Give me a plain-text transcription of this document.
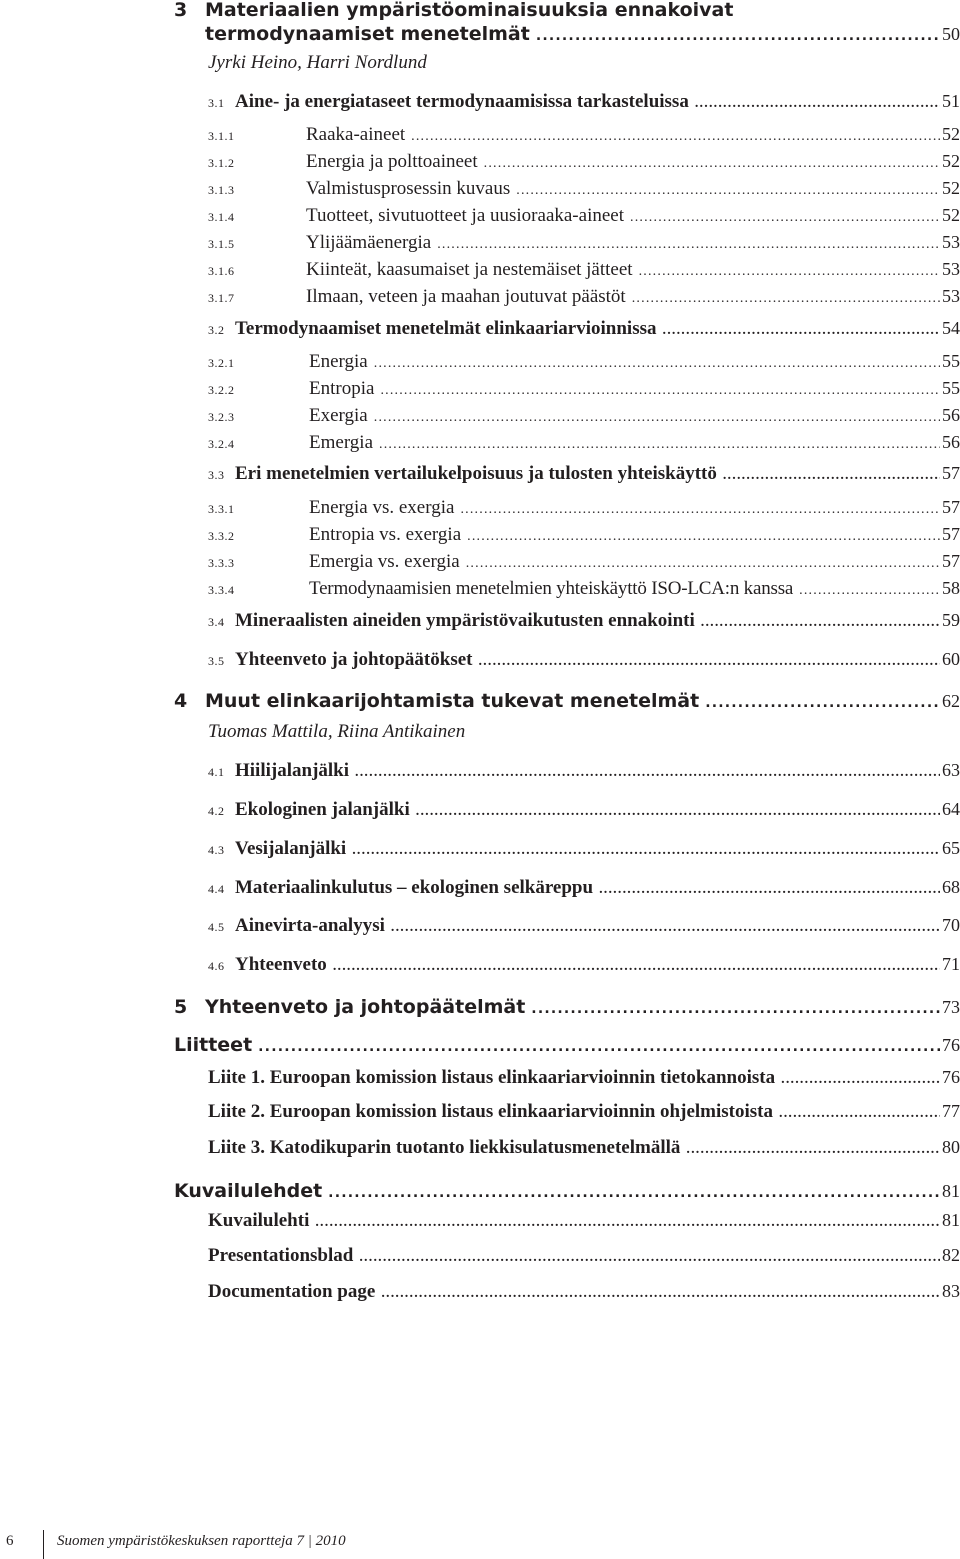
3 Materiaalien ympäristöominaisuuksia ennakoivat
termodynaamiset menetelmät .....	50
Jyrki Heino, Harri Nordlund
3.1 Aine- ja energiataseet termodynaamisissa tarkasteluissa .....	51
3.1.1	Raaka-aineet .....	52
3.1.2	Energia ja polttoaineet .....	52
3.1.3	Valmistusprosessin kuvaus .....	52
3.1.4	Tuotteet, sivutuotteet ja uusioraaka-aineet .....	52
3.1.5	Ylijäämäenergia .....	53
3.1.6	Kiinteät, kaasumaiset ja nestemäiset jätteet .....	53
3.1.7	Ilmaan, veteen ja maahan joutuvat päästöt .....	53
3.2 Termodynaamiset menetelmät elinkaariarvioinnissa .....	54
3.2.1	Energia .....	55
3.2.2	Entropia .....	55
3.2.3	Exergia .....	56
3.2.4	Emergia .....	56
3.3 Eri menetelmien vertailukelpoisuus ja tulosten yhteiskäyttö .....	57
3.3.1	Energia vs. exergia .....	57
3.3.2	Entropia vs. exergia .....	57
3.3.3	Emergia vs. exergia .....	57
3.3.4	Termodynaamisien menetelmien yhteiskäyttö ISO-LCA:n kanssa .....	58
3.4 Mineraalisten aineiden ympäristövaikutusten ennakointi .....	59
3.5 Yhteenveto ja johtopäätökset .....	60
4 Muut elinkaarijohtamista tukevat menetelmät .....	62
Tuomas Mattila, Riina Antikainen
4.1 Hiilijalanjälki .....	63
4.2 Ekologinen jalanjälki .....	64
4.3 Vesijalanjälki .....	65
4.4 Materiaalinkulutus – ekologinen selkäreppu .....	68
4.5 Ainevirta-analyysi .....	70
4.6 Yhteenveto .....	71
5 Yhteenveto ja johtopäätelmät .....	73
Liitteet .....	76
Liite 1. Euroopan komission listaus elinkaariarvioinnin tietokannoista .....	76
Liite 2. Euroopan komission listaus elinkaariarvioinnin ohjelmistoista .....	77
Liite 3. Katodikuparin tuotanto liekkisulatusmenetelmällä .....	80
Kuvailulehdet .....	81
Kuvailulehti .....	81
Presentationsblad .....	82
Documentation page .....	83
6	Suomen ympäristökeskuksen raportteja 7 | 2010
